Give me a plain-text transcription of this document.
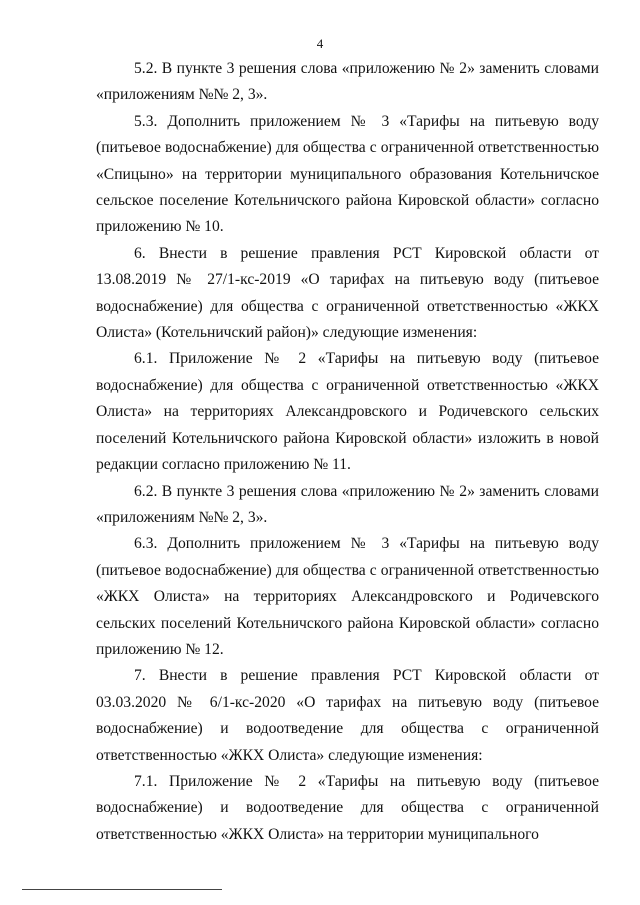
4

5.2. В пункте 3 решения слова «приложению № 2» заменить словами «приложениям №№ 2, 3».

5.3. Дополнить приложением № 3 «Тарифы на питьевую воду (питьевое водоснабжение) для общества с ограниченной ответственностью «Спицыно» на территории муниципального образования Котельничское сельское поселение Котельничского района Кировской области» согласно приложению № 10.

6. Внести в решение правления РСТ Кировской области от 13.08.2019 № 27/1-кс-2019 «О тарифах на питьевую воду (питьевое водоснабжение) для общества с ограниченной ответственностью «ЖКХ Олиста» (Котельничский район)» следующие изменения:

6.1. Приложение № 2 «Тарифы на питьевую воду (питьевое водоснабжение) для общества с ограниченной ответственностью «ЖКХ Олиста» на территориях Александровского и Родичевского сельских поселений Котельничского района Кировской области» изложить в новой редакции согласно приложению № 11.

6.2. В пункте 3 решения слова «приложению № 2» заменить словами «приложениям №№ 2, 3».

6.3. Дополнить приложением № 3 «Тарифы на питьевую воду (питьевое водоснабжение) для общества с ограниченной ответственностью «ЖКХ Олиста» на территориях Александровского и Родичевского сельских поселений Котельничского района Кировской области» согласно приложению № 12.

7. Внести в решение правления РСТ Кировской области от 03.03.2020 № 6/1-кс-2020 «О тарифах на питьевую воду (питьевое водоснабжение) и водоотведение для общества с ограниченной ответственностью «ЖКХ Олиста» следующие изменения:

7.1. Приложение № 2 «Тарифы на питьевую воду (питьевое водоснабжение) и водоотведение для общества с ограниченной ответственностью «ЖКХ Олиста» на территории муниципального
